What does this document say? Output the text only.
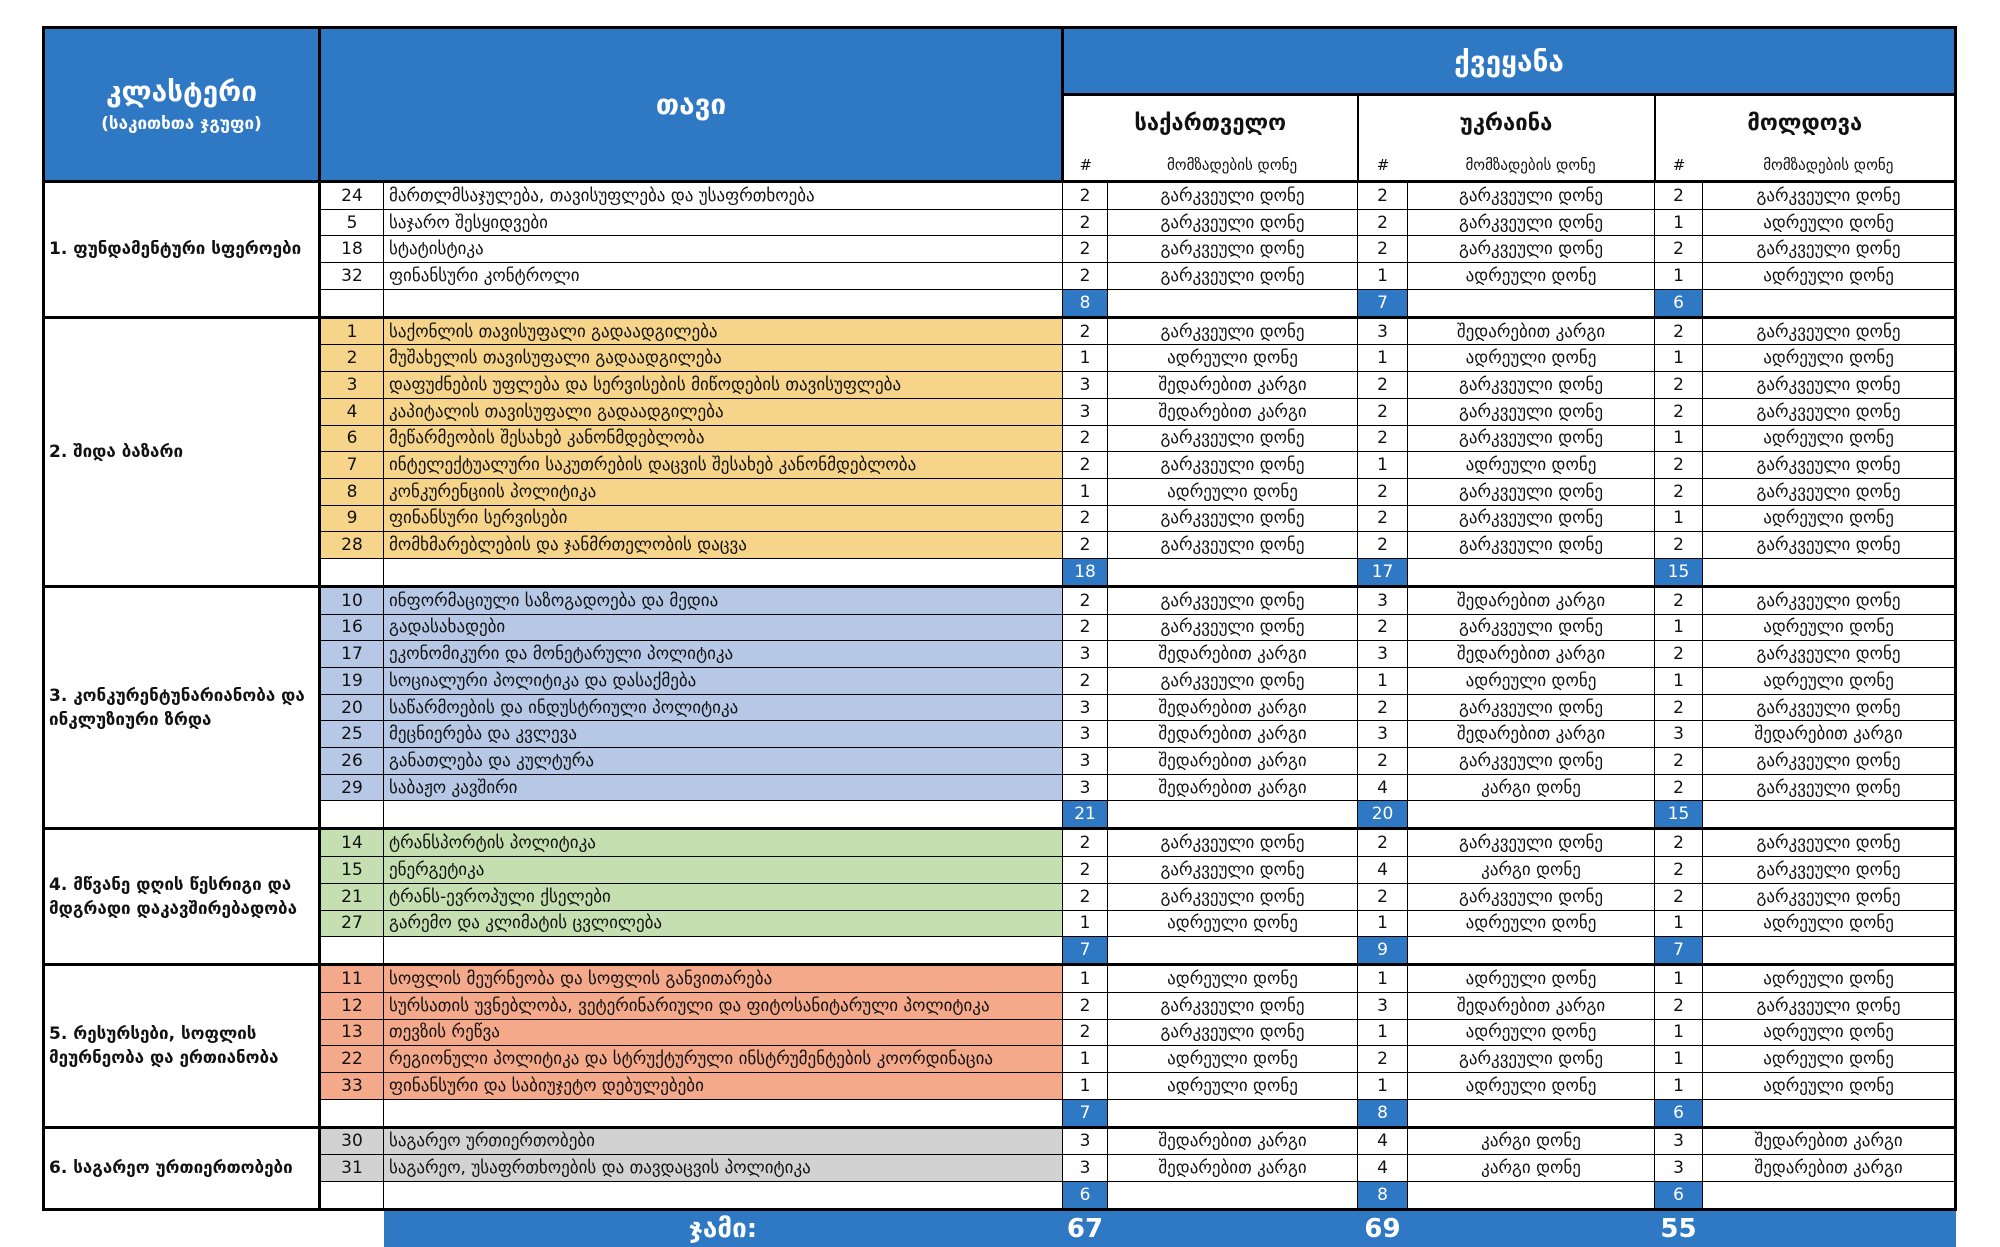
კლასტერი
(საკითხთა ჯგუფი)	თავი		ქვეყანა					
			საქართველო		უკრაინა		მოლდოვა	
			#	მომზადების დონე	#	მომზადების დონე	#	მომზადების დონე
1. ფუნდამენტური სფეროები	24	მართლმსაჯულება, თავისუფლება და უსაფრთხოება	2	გარკვეული დონე	2	გარკვეული დონე	2	გარკვეული დონე
	5	საჯარო შესყიდვები	2	გარკვეული დონე	2	გარკვეული დონე	1	ადრეული დონე
	18	სტატისტიკა	2	გარკვეული დონე	2	გარკვეული დონე	2	გარკვეული დონე
	32	ფინანსური კონტროლი	2	გარკვეული დონე	1	ადრეული დონე	1	ადრეული დონე
			8		7		6	
2. შიდა ბაზარი	1	საქონლის თავისუფალი გადაადგილება	2	გარკვეული დონე	3	შედარებით კარგი	2	გარკვეული დონე
	2	მუშახელის თავისუფალი გადაადგილება	1	ადრეული დონე	1	ადრეული დონე	1	ადრეული დონე
	3	დაფუძნების უფლება და სერვისების მიწოდების თავისუფლება	3	შედარებით კარგი	2	გარკვეული დონე	2	გარკვეული დონე
	4	კაპიტალის თავისუფალი გადაადგილება	3	შედარებით კარგი	2	გარკვეული დონე	2	გარკვეული დონე
	6	მეწარმეობის შესახებ კანონმდებლობა	2	გარკვეული დონე	2	გარკვეული დონე	1	ადრეული დონე
	7	ინტელექტუალური საკუთრების დაცვის შესახებ კანონმდებლობა	2	გარკვეული დონე	1	ადრეული დონე	2	გარკვეული დონე
	8	კონკურენციის პოლიტიკა	1	ადრეული დონე	2	გარკვეული დონე	2	გარკვეული დონე
	9	ფინანსური სერვისები	2	გარკვეული დონე	2	გარკვეული დონე	1	ადრეული დონე
	28	მომხმარებლების და ჯანმრთელობის დაცვა	2	გარკვეული დონე	2	გარკვეული დონე	2	გარკვეული დონე
			18		17		15	
3. კონკურენტუნარიანობა და ინკლუზიური ზრდა	10	ინფორმაციული საზოგადოება და მედია	2	გარკვეული დონე	3	შედარებით კარგი	2	გარკვეული დონე
	16	გადასახადები	2	გარკვეული დონე	2	გარკვეული დონე	1	ადრეული დონე
	17	ეკონომიკური და მონეტარული პოლიტიკა	3	შედარებით კარგი	3	შედარებით კარგი	2	გარკვეული დონე
	19	სოციალური პოლიტიკა და დასაქმება	2	გარკვეული დონე	1	ადრეული დონე	1	ადრეული დონე
	20	საწარმოების და ინდუსტრიული პოლიტიკა	3	შედარებით კარგი	2	გარკვეული დონე	2	გარკვეული დონე
	25	მეცნიერება და კვლევა	3	შედარებით კარგი	3	შედარებით კარგი	3	შედარებით კარგი
	26	განათლება და კულტურა	3	შედარებით კარგი	2	გარკვეული დონე	2	გარკვეული დონე
	29	საბაჟო კავშირი	3	შედარებით კარგი	4	კარგი დონე	2	გარკვეული დონე
			21		20		15	
4. მწვანე დღის წესრიგი და მდგრადი დაკავშირებადობა	14	ტრანსპორტის პოლიტიკა	2	გარკვეული დონე	2	გარკვეული დონე	2	გარკვეული დონე
	15	ენერგეტიკა	2	გარკვეული დონე	4	კარგი დონე	2	გარკვეული დონე
	21	ტრანს-ევროპული ქსელები	2	გარკვეული დონე	2	გარკვეული დონე	2	გარკვეული დონე
	27	გარემო და კლიმატის ცვლილება	1	ადრეული დონე	1	ადრეული დონე	1	ადრეული დონე
			7		9		7	
5. რესურსები, სოფლის მეურნეობა და ერთიანობა	11	სოფლის მეურნეობა და სოფლის განვითარება	1	ადრეული დონე	1	ადრეული დონე	1	ადრეული დონე
	12	სურსათის უვნებლობა, ვეტერინარიული და ფიტოსანიტარული პოლიტიკა	2	გარკვეული დონე	3	შედარებით კარგი	2	გარკვეული დონე
	13	თევზის რეწვა	2	გარკვეული დონე	1	ადრეული დონე	1	ადრეული დონე
	22	რეგიონული პოლიტიკა და სტრუქტურული ინსტრუმენტების კოორდინაცია	1	ადრეული დონე	2	გარკვეული დონე	1	ადრეული დონე
	33	ფინანსური და საბიუჯეტო დებულებები	1	ადრეული დონე	1	ადრეული დონე	1	ადრეული დონე
			7		8		6	
6. საგარეო ურთიერთობები	30	საგარეო ურთიერთობები	3	შედარებით კარგი	4	კარგი დონე	3	შედარებით კარგი
	31	საგარეო, უსაფრთხოების და თავდაცვის პოლიტიკა	3	შედარებით კარგი	4	კარგი დონე	3	შედარებით კარგი
			6		8		6	
		ჯამი:	67		69		55	
